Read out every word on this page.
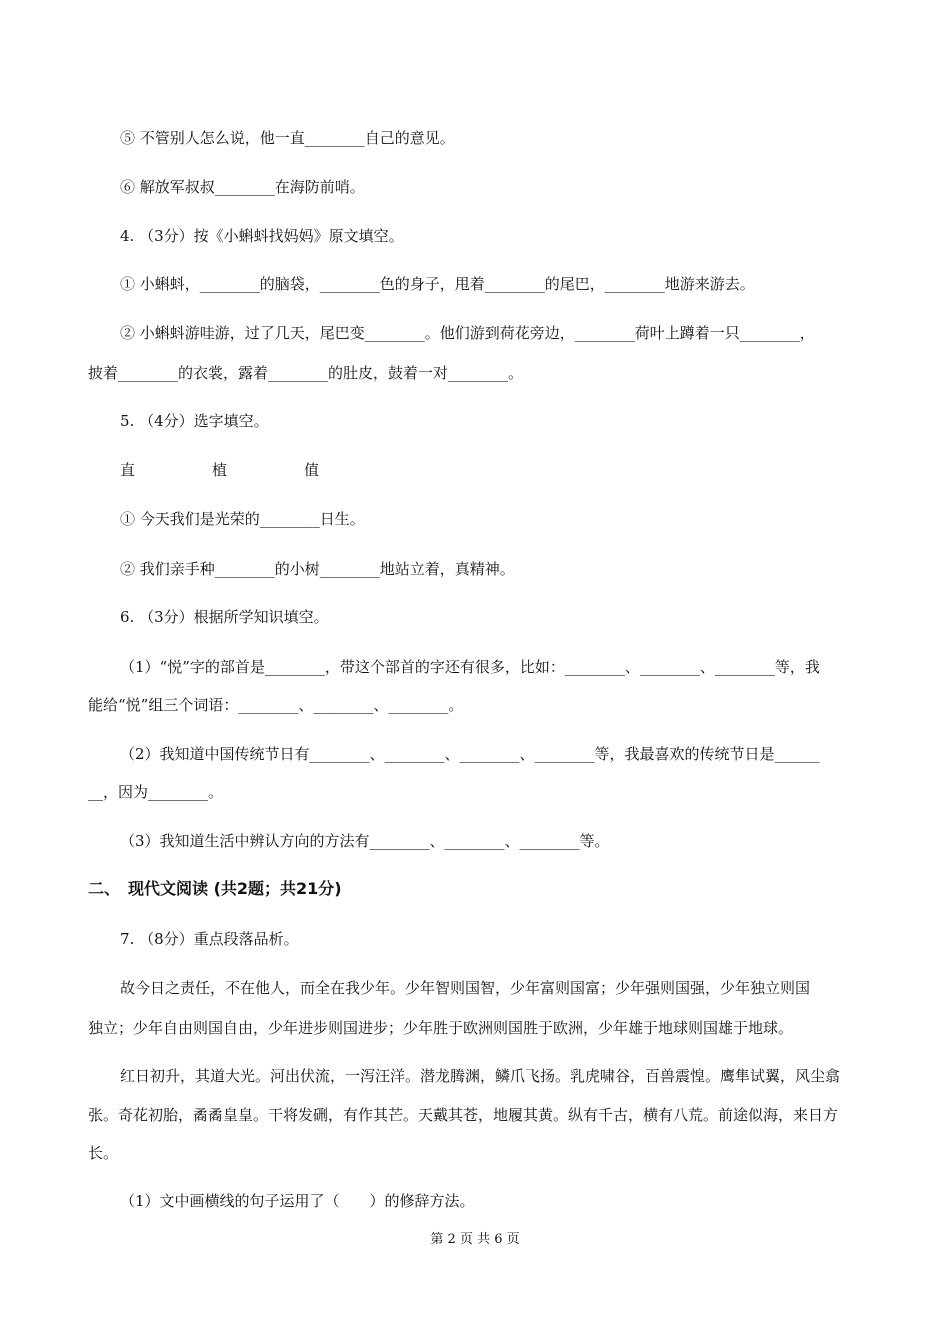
⑤ 不管别人怎么说，他一直________自己的意见。
⑥ 解放军叔叔________在海防前哨。
4. （3分）按《小蝌蚪找妈妈》原文填空。
① 小蝌蚪，________的脑袋，________色的身子，甩着________的尾巴，________地游来游去。
② 小蝌蚪游哇游，过了几天，尾巴变________。他们游到荷花旁边，________荷叶上蹲着一只________，
披着________的衣裳，露着________的肚皮，鼓着一对________。
5. （4分）选字填空。
直	植	值
① 今天我们是光荣的________日生。
② 我们亲手种________的小树________地站立着，真精神。
6. （3分）根据所学知识填空。
（1）“悦”字的部首是________，带这个部首的字还有很多，比如：________、________、________等，我
能给“悦”组三个词语：________、________、________。
（2）我知道中国传统节日有________、________、________、________等，我最喜欢的传统节日是______
__，因为________。
（3）我知道生活中辨认方向的方法有________、________、________等。
二、　现代文阅读 (共2题；共21分)
7. （8分）重点段落品析。
故今日之责任，不在他人，而全在我少年。少年智则国智，少年富则国富；少年强则国强，少年独立则国
独立；少年自由则国自由，少年进步则国进步；少年胜于欧洲则国胜于欧洲，少年雄于地球则国雄于地球。
红日初升，其道大光。河出伏流，一泻汪洋。潜龙腾渊，鳞爪飞扬。乳虎啸谷，百兽震惶。鹰隼试翼，风尘翕
张。奇花初胎，矞矞皇皇。干将发硎，有作其芒。天戴其苍，地履其黄。纵有千古，横有八荒。前途似海，来日方
长。
（1）文中画横线的句子运用了（　　）的修辞方法。
第 2 页 共 6 页
